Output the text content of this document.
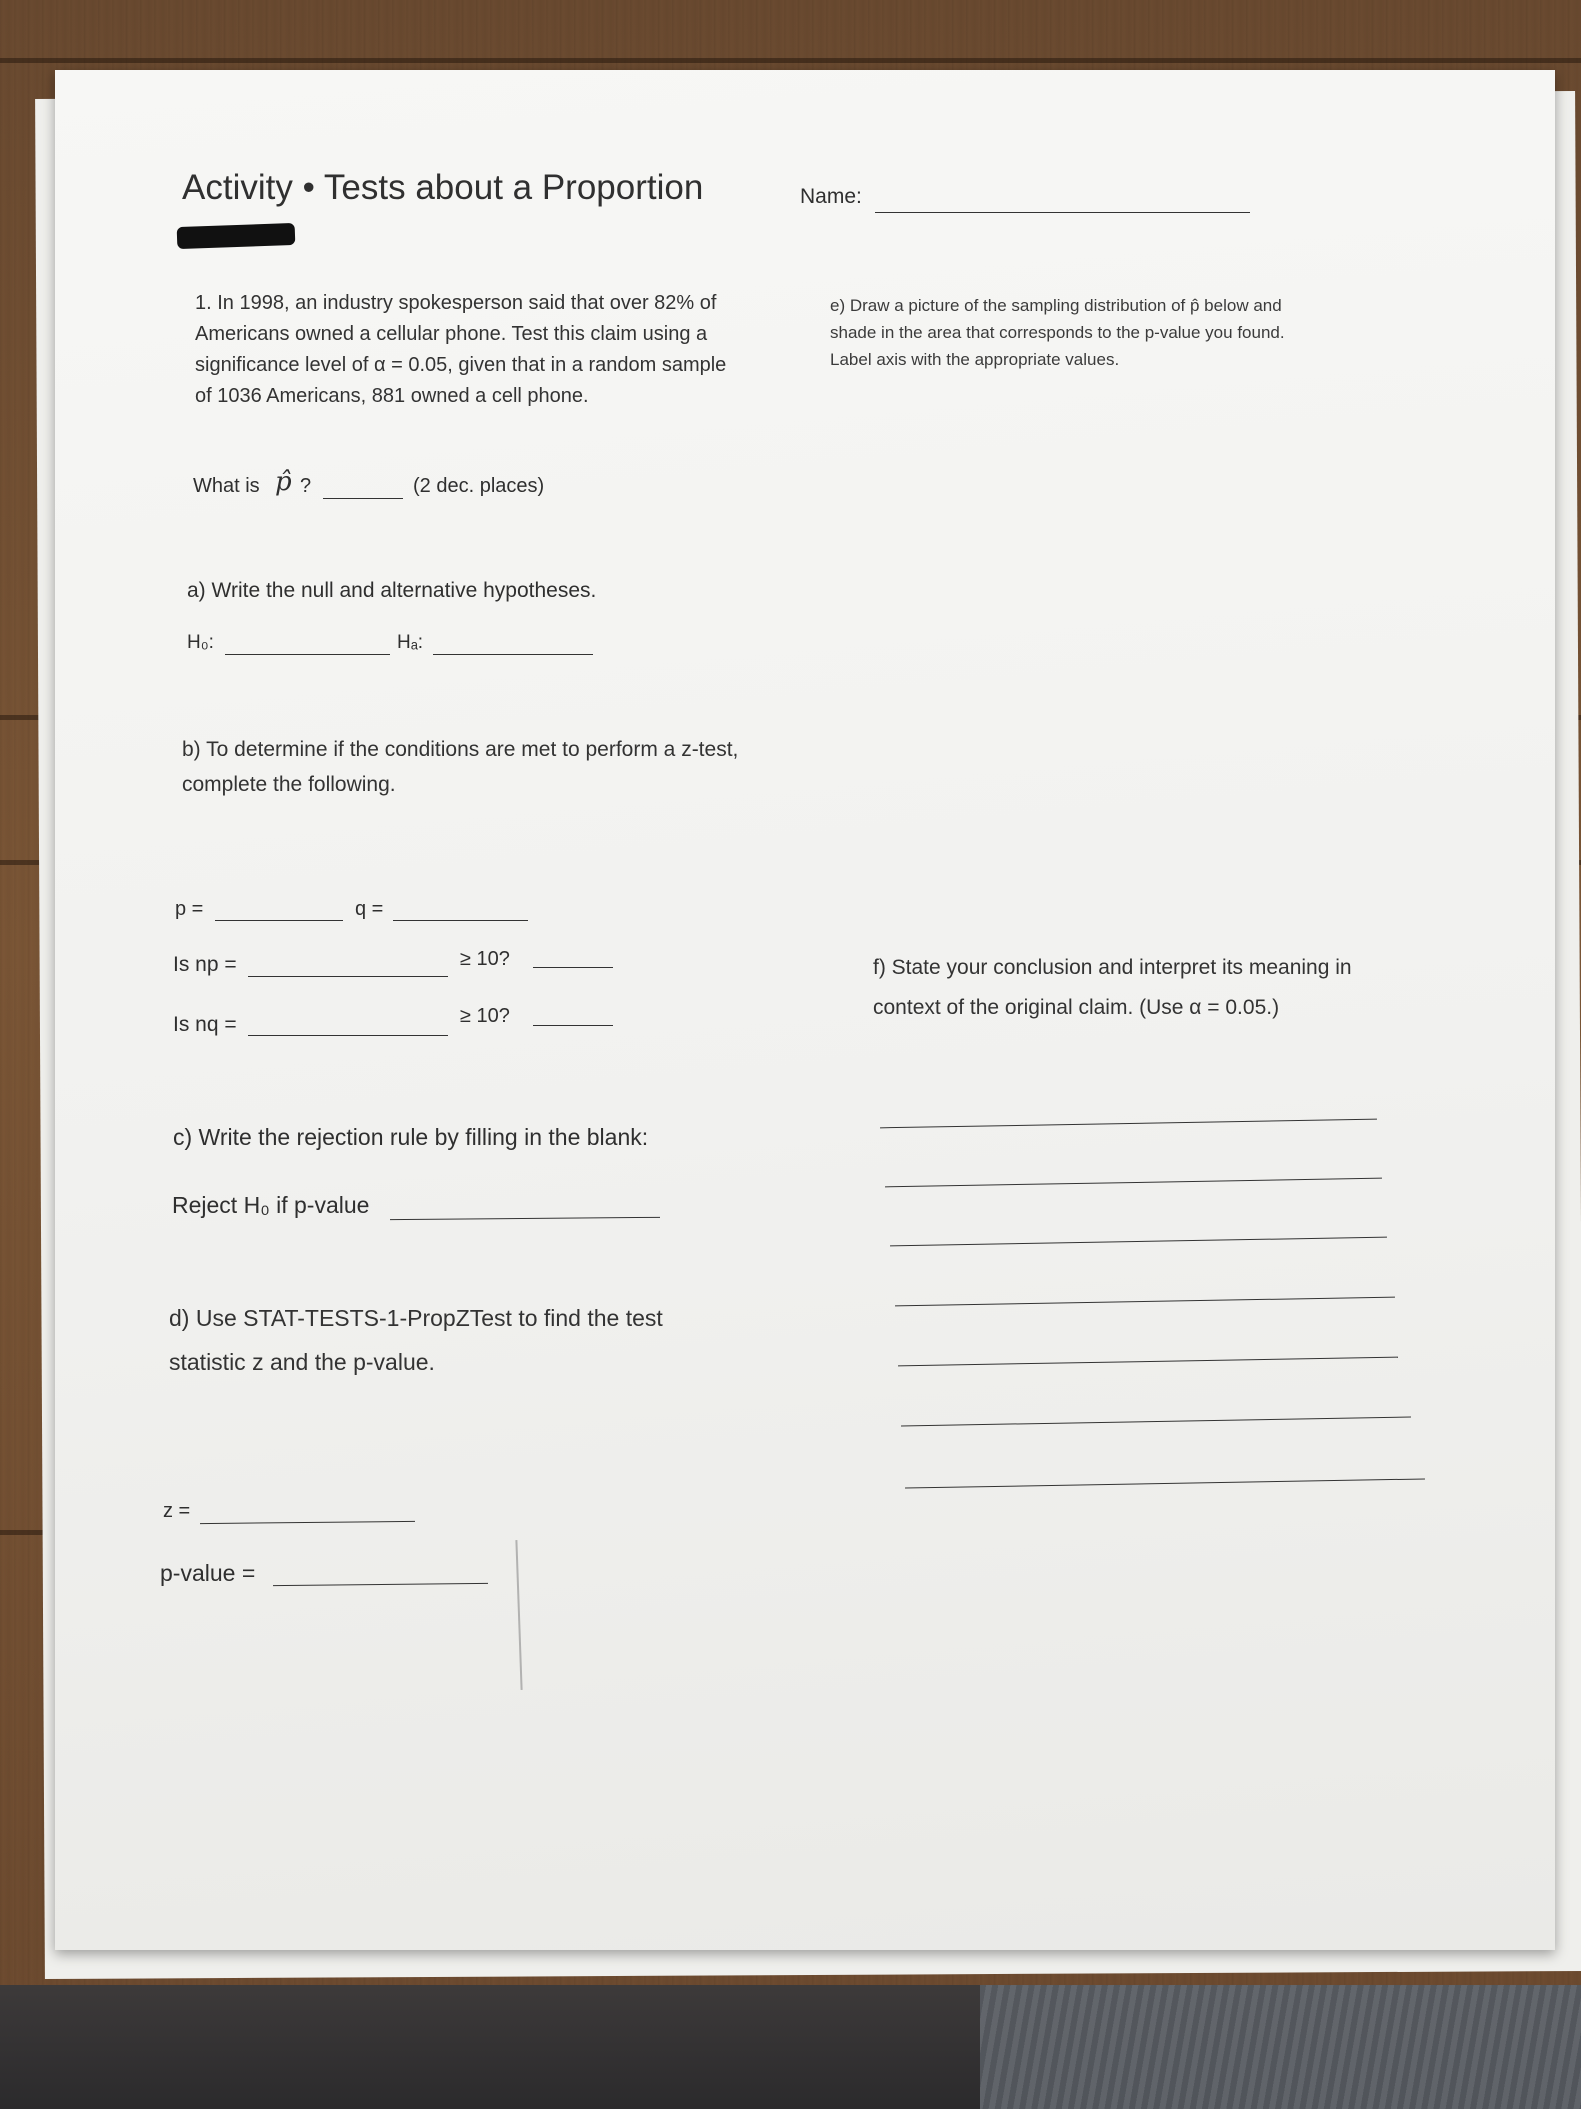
Activity • Tests about a Proportion	Name:
1. In 1998, an industry spokesperson said that over 82% of Americans owned a cellular phone. Test this claim using a significance level of α = 0.05, given that in a random sample of 1036 Americans, 881 owned a cell phone.
What is p̂ ?	(2 dec. places)
a) Write the null and alternative hypotheses.
H₀:	Hₐ:
b) To determine if the conditions are met to perform a z-test, complete the following.
p =	q =
Is np =	≥ 10?
Is nq =	≥ 10?
c) Write the rejection rule by filling in the blank:
Reject H₀ if p-value
d) Use STAT-TESTS-1-PropZTest to find the test statistic z and the p-value.
z =
p-value =
e) Draw a picture of the sampling distribution of p̂ below and shade in the area that corresponds to the p-value you found. Label axis with the appropriate values.
f) State your conclusion and interpret its meaning in context of the original claim. (Use α = 0.05.)
